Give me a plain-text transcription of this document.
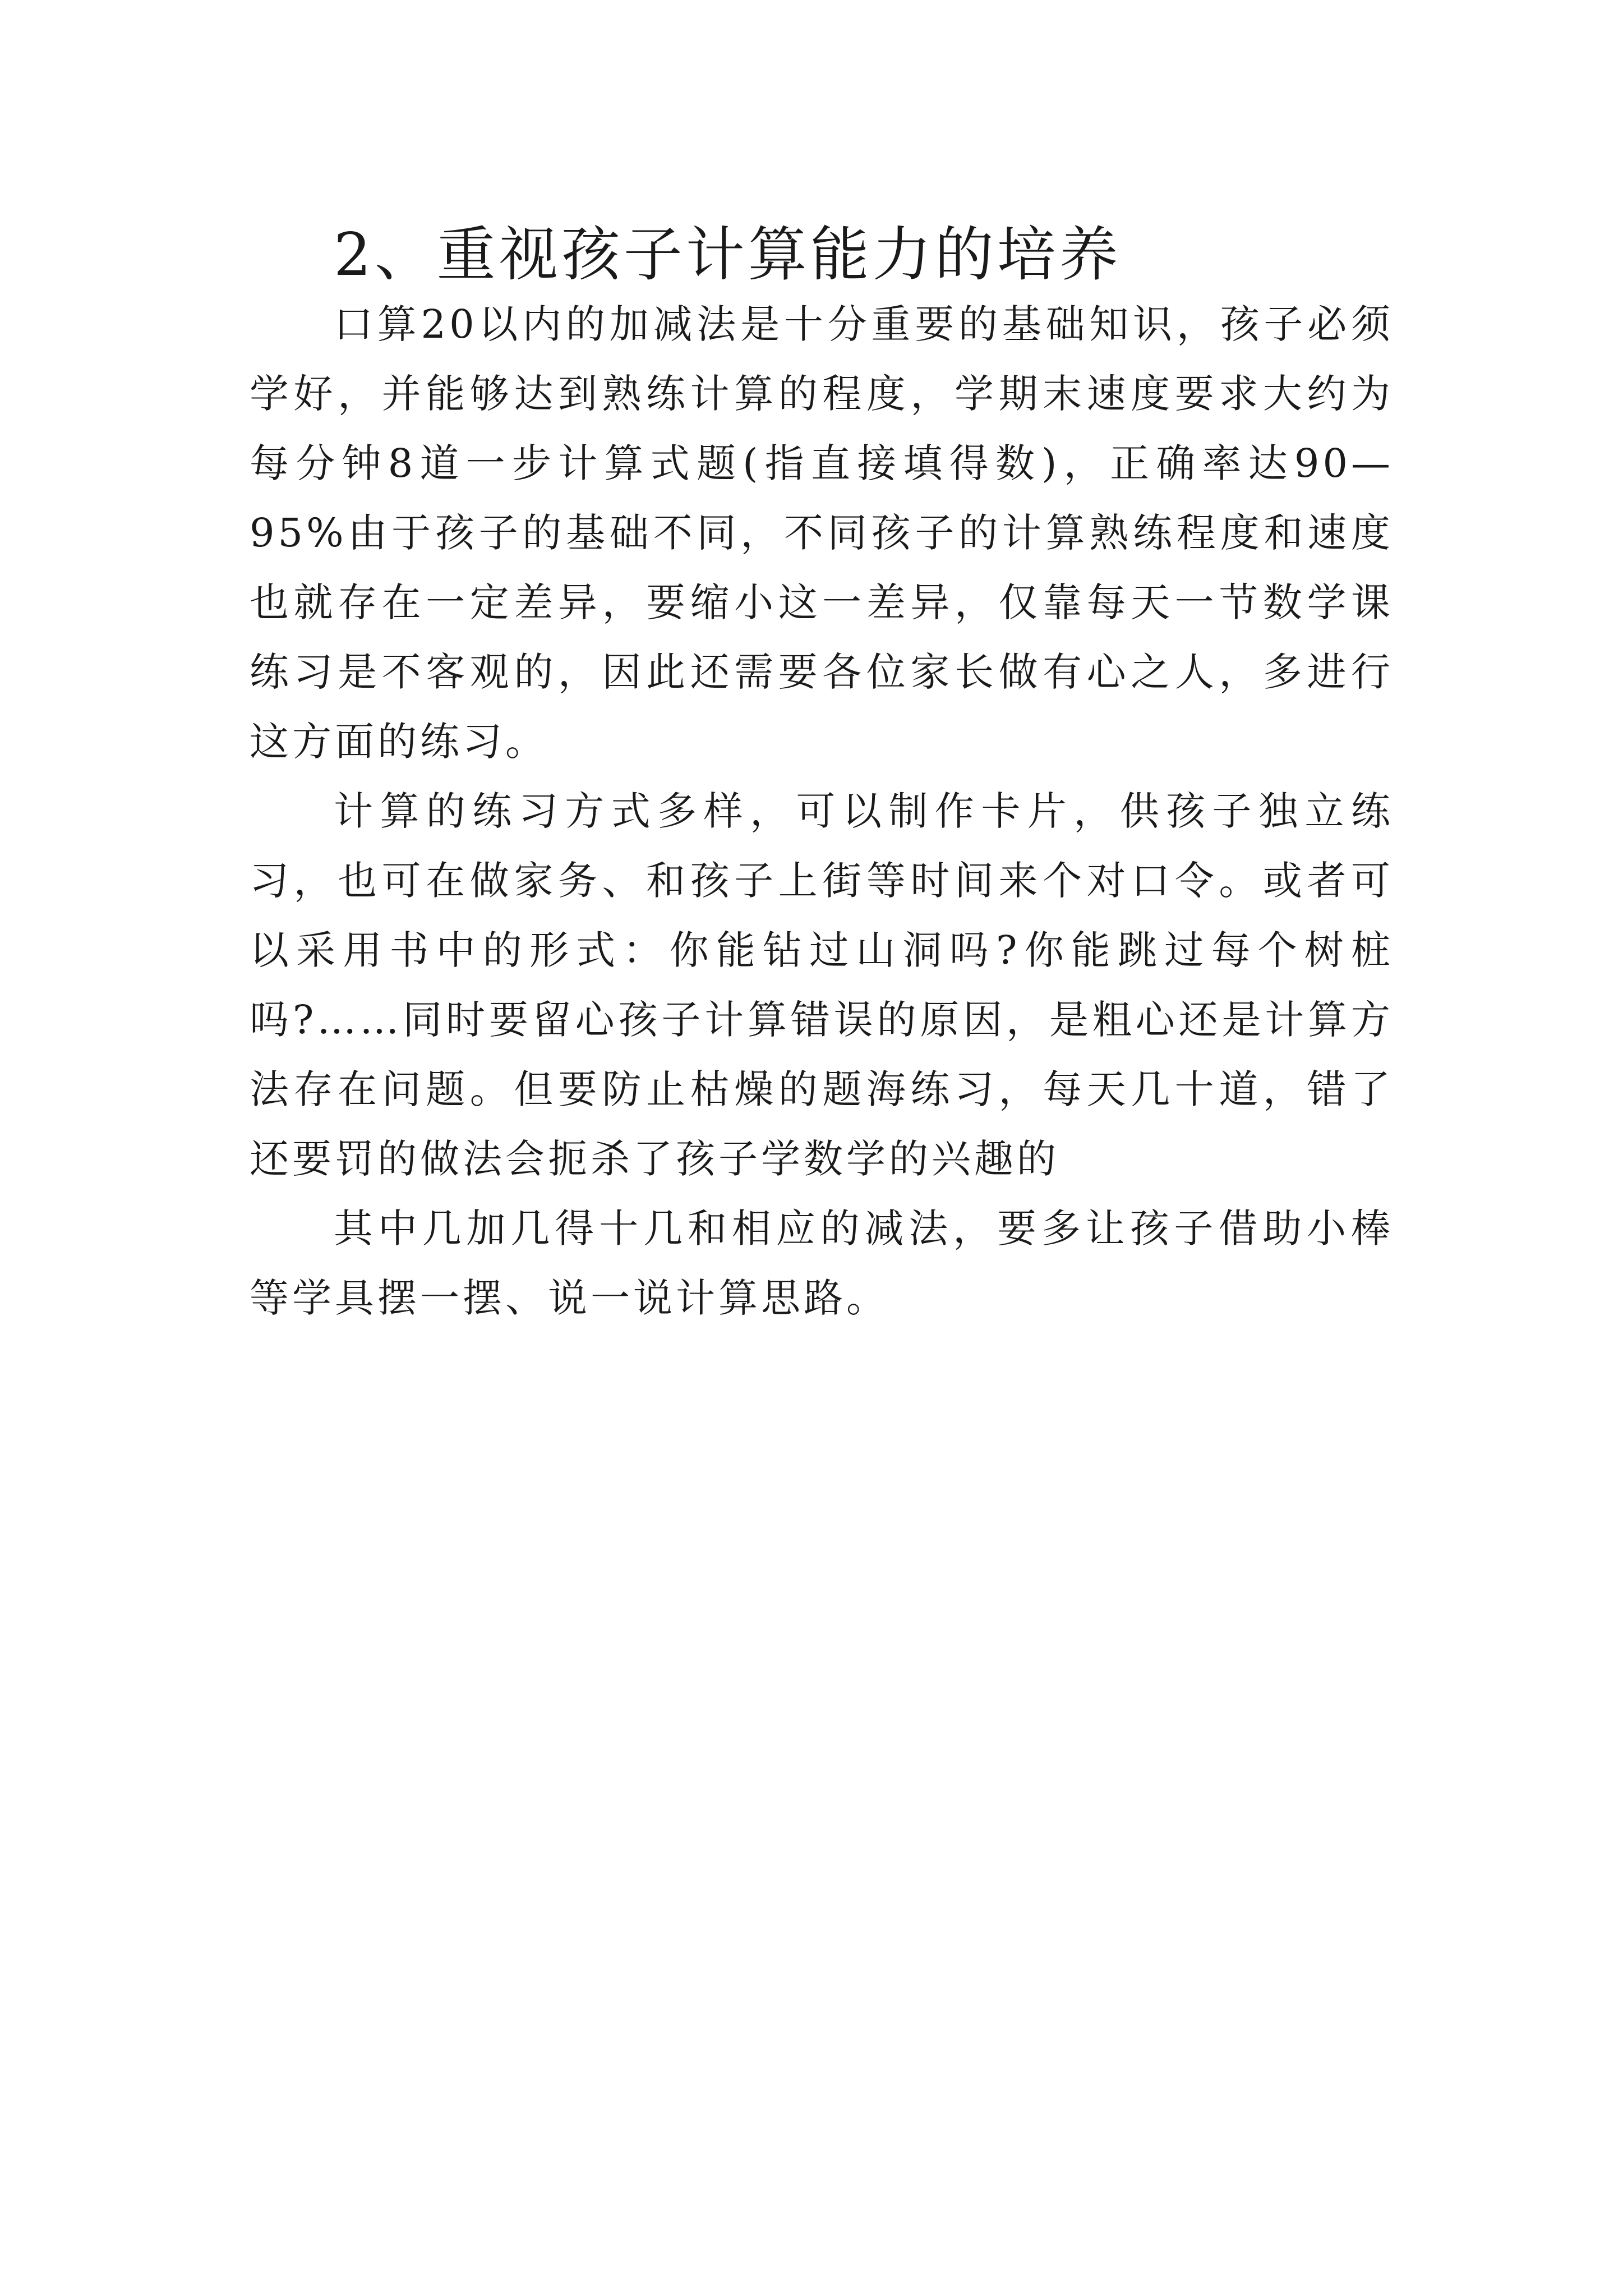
2、重视孩子计算能力的培养

口算20以内的加减法是十分重要的基础知识，孩子必须学好，并能够达到熟练计算的程度，学期末速度要求大约为每分钟8道一步计算式题(指直接填得数)，正确率达90—95%由于孩子的基础不同，不同孩子的计算熟练程度和速度也就存在一定差异，要缩小这一差异，仅靠每天一节数学课练习是不客观的，因此还需要各位家长做有心之人，多进行这方面的练习。

计算的练习方式多样，可以制作卡片，供孩子独立练习，也可在做家务、和孩子上街等时间来个对口令。或者可以采用书中的形式：你能钻过山洞吗?你能跳过每个树桩吗?……同时要留心孩子计算错误的原因，是粗心还是计算方法存在问题。但要防止枯燥的题海练习，每天几十道，错了还要罚的做法会扼杀了孩子学数学的兴趣的

其中几加几得十几和相应的减法，要多让孩子借助小棒等学具摆一摆、说一说计算思路。
